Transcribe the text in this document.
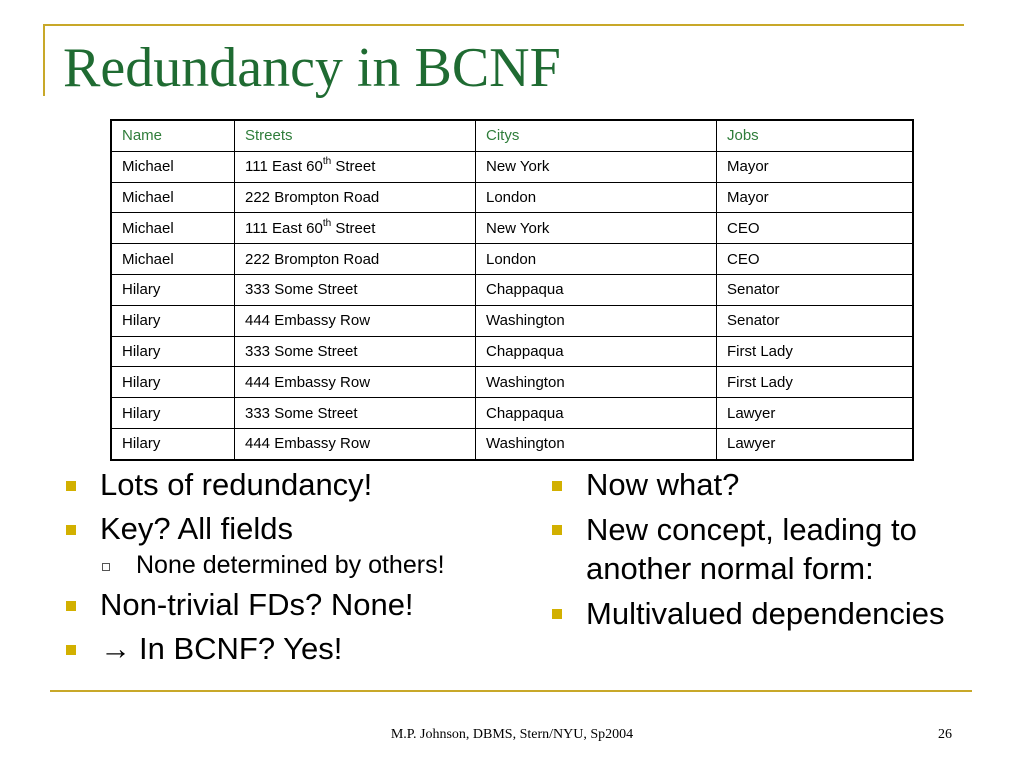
Redundancy in BCNF
Name	Streets	Citys	Jobs
Michael	111 East 60th Street	New York	Mayor
Michael	222 Brompton Road	London	Mayor
Michael	111 East 60th Street	New York	CEO
Michael	222 Brompton Road	London	CEO
Hilary	333 Some Street	Chappaqua	Senator
Hilary	444 Embassy Row	Washington	Senator
Hilary	333 Some Street	Chappaqua	First Lady
Hilary	444 Embassy Row	Washington	First Lady
Hilary	333 Some Street	Chappaqua	Lawyer
Hilary	444 Embassy Row	Washington	Lawyer
Lots of redundancy!
Key? All fields
None determined by others!
Non-trivial FDs? None!
→ In BCNF? Yes!
Now what?
New concept, leading to another normal form:
Multivalued dependencies
M.P. Johnson, DBMS, Stern/NYU, Sp2004	26
